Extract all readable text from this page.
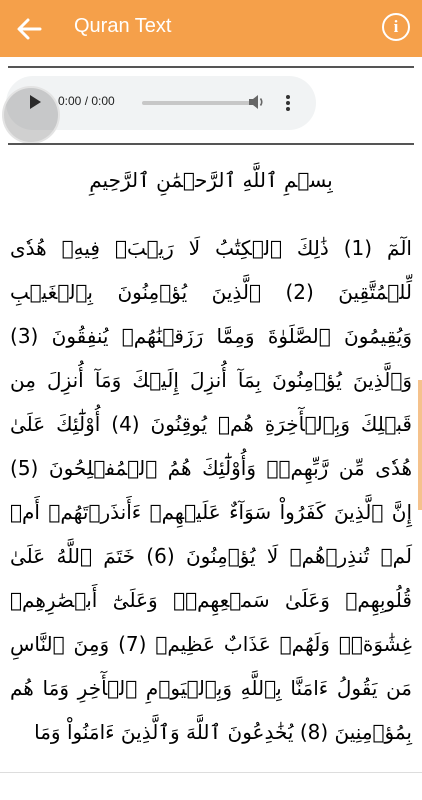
Quran Text	i
0:00 / 0:00
بِسۡمِ ٱللَّهِ ٱلرَّحۡمَٰنِ ٱلرَّحِيمِ
الٓمٓ (1) ذَٰلِكَ ٱلۡكِتَٰبُ لَا رَيۡبَۛ فِيهِۛ هُدٗى لِّلۡمُتَّقِينَ (2) ٱلَّذِينَ يُؤۡمِنُونَ بِٱلۡغَيۡبِ وَيُقِيمُونَ ٱلصَّلَوٰةَ وَمِمَّا رَزَقۡنَٰهُمۡ يُنفِقُونَ (3) وَٱلَّذِينَ يُؤۡمِنُونَ بِمَآ أُنزِلَ إِلَيۡكَ وَمَآ أُنزِلَ مِن قَبۡلِكَ وَبِٱلۡأٓخِرَةِ هُمۡ يُوقِنُونَ (4) أُوْلَٰٓئِكَ عَلَىٰ هُدٗى مِّن رَّبِّهِمۡۖ وَأُوْلَٰٓئِكَ هُمُ ٱلۡمُفۡلِحُونَ (5) إِنَّ ٱلَّذِينَ كَفَرُواْ سَوَآءٌ عَلَيۡهِمۡ ءَأَنذَرۡتَهُمۡ أَمۡ لَمۡ تُنذِرۡهُمۡ لَا يُؤۡمِنُونَ (6) خَتَمَ ٱللَّهُ عَلَىٰ قُلُوبِهِمۡ وَعَلَىٰ سَمۡعِهِمۡۖ وَعَلَىٰٓ أَبۡصَٰرِهِمۡ غِشَٰوَةٞۖ وَلَهُمۡ عَذَابٌ عَظِيمٞ (7) وَمِنَ ٱلنَّاسِ مَن يَقُولُ ءَامَنَّا بِٱللَّهِ وَبِٱلۡيَوۡمِ ٱلۡأٓخِرِ وَمَا هُم بِمُؤۡمِنِينَ (8) يُخَٰدِعُونَ ٱللَّهَ وَٱلَّذِينَ ءَامَنُواْ وَمَا
